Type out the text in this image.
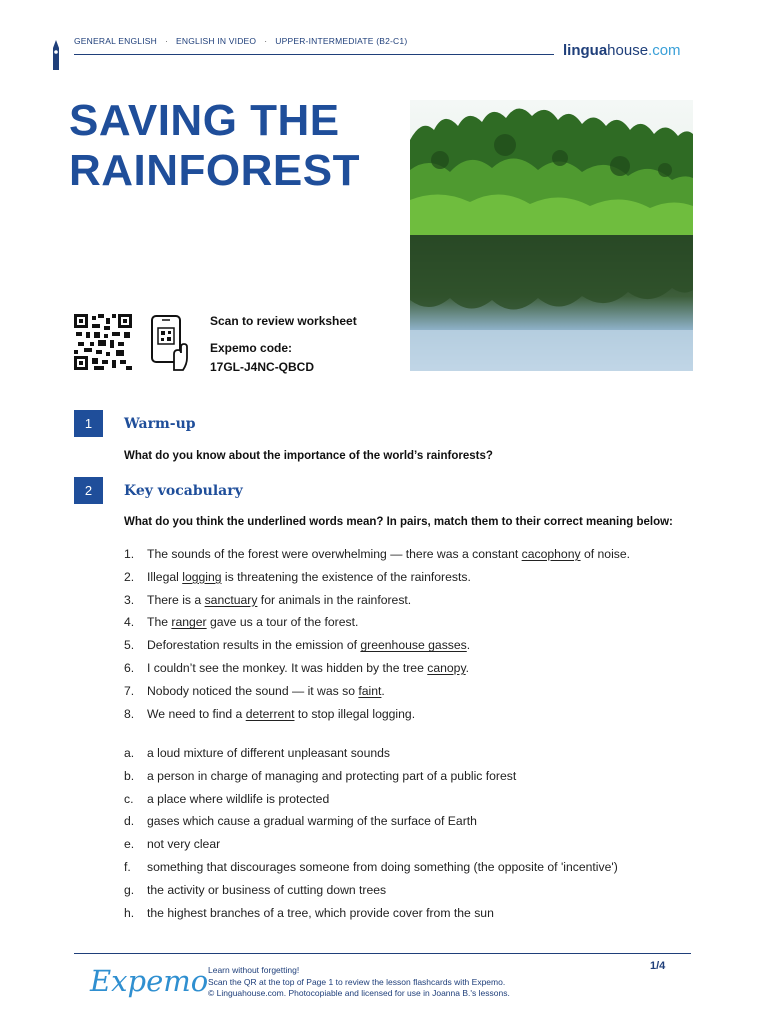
GENERAL ENGLISH · ENGLISH IN VIDEO · UPPER-INTERMEDIATE (B2-C1)
linguahouse.com
SAVING THE
RAINFOREST
Scan to review worksheet
Expemo code:
17GL-J4NC-QBCD
1	Warm-up
What do you know about the importance of the world’s rainforests?
2	Key vocabulary
What do you think the underlined words mean? In pairs, match them to their correct meaning below:
1.	The sounds of the forest were overwhelming — there was a constant cacophony of noise.
2.	Illegal logging is threatening the existence of the rainforests.
3.	There is a sanctuary for animals in the rainforest.
4.	The ranger gave us a tour of the forest.
5.	Deforestation results in the emission of greenhouse gasses.
6.	I couldn’t see the monkey. It was hidden by the tree canopy.
7.	Nobody noticed the sound — it was so faint.
8.	We need to find a deterrent to stop illegal logging.
a.	a loud mixture of different unpleasant sounds
b.	a person in charge of managing and protecting part of a public forest
c.	a place where wildlife is protected
d.	gases which cause a gradual warming of the surface of Earth
e.	not very clear
f.	something that discourages someone from doing something (the opposite of 'incentive')
g.	the activity or business of cutting down trees
h.	the highest branches of a tree, which provide cover from the sun
Expemo Learn without forgetting!
Scan the QR at the top of Page 1 to review the lesson flashcards with Expemo.
© Linguahouse.com. Photocopiable and licensed for use in Joanna B.'s lessons.
1/4
